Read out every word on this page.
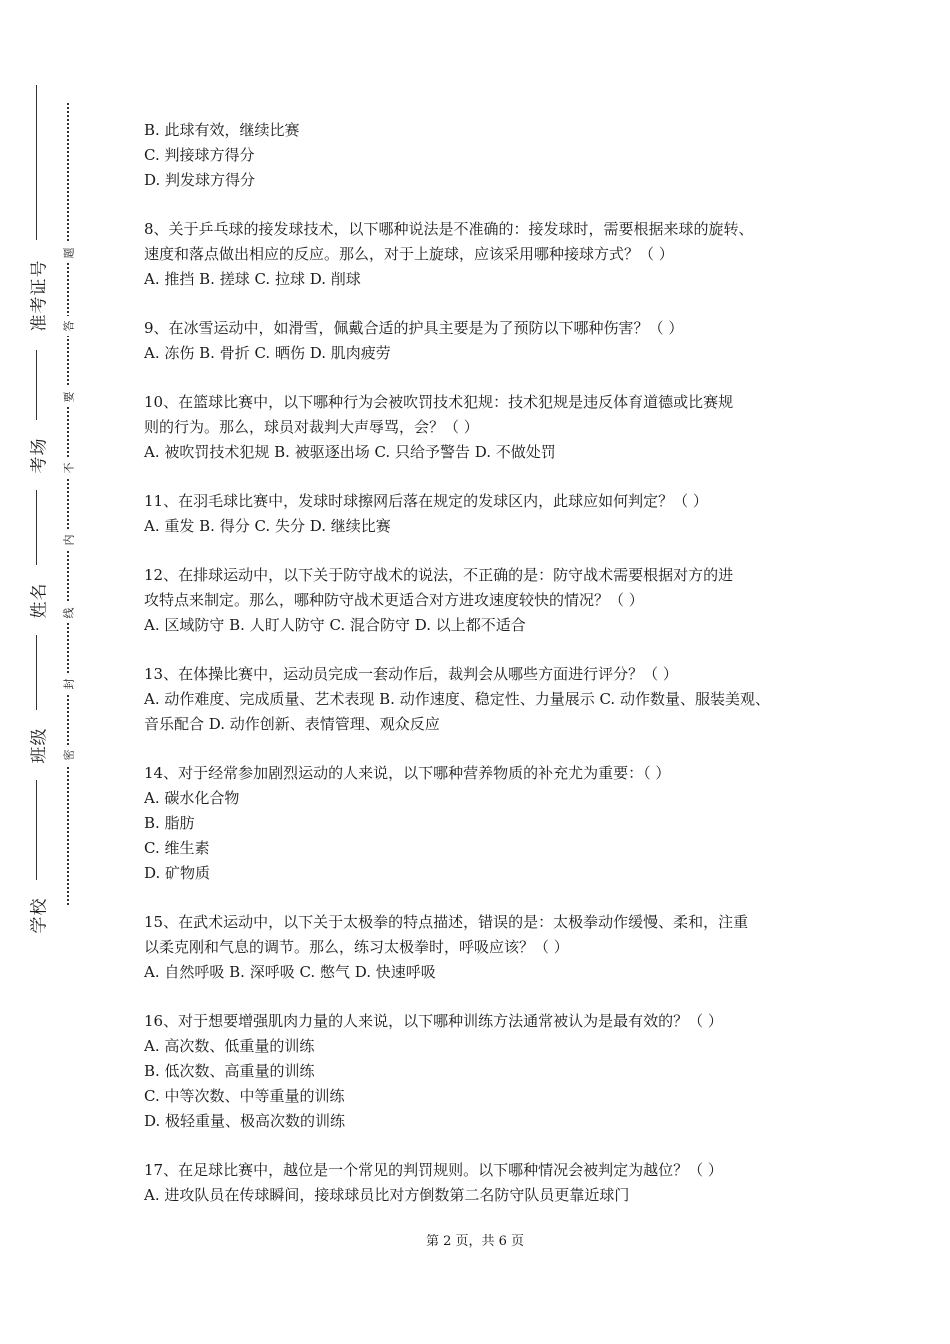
准考证号
考场
姓名
班级
学校
题
答
要
不
内
线
封
密

B. 此球有效，继续比赛

C. 判接球方得分

D. 判发球方得分

8、关于乒乓球的接发球技术，以下哪种说法是不准确的：接发球时，需要根据来球的旋转、

速度和落点做出相应的反应。那么，对于上旋球，应该采用哪种接球方式？（ ）

A. 推挡 B. 搓球 C. 拉球 D. 削球

9、在冰雪运动中，如滑雪，佩戴合适的护具主要是为了预防以下哪种伤害？（ ）

A. 冻伤 B. 骨折 C. 晒伤 D. 肌肉疲劳

10、在篮球比赛中，以下哪种行为会被吹罚技术犯规：技术犯规是违反体育道德或比赛规

则的行为。那么，球员对裁判大声辱骂，会？（ ）

A. 被吹罚技术犯规 B. 被驱逐出场 C. 只给予警告 D. 不做处罚

11、在羽毛球比赛中，发球时球擦网后落在规定的发球区内，此球应如何判定？（ ）

A. 重发 B. 得分 C. 失分 D. 继续比赛

12、在排球运动中，以下关于防守战术的说法，不正确的是：防守战术需要根据对方的进

攻特点来制定。那么，哪种防守战术更适合对方进攻速度较快的情况？（ ）

A. 区域防守 B. 人盯人防守 C. 混合防守 D. 以上都不适合

13、在体操比赛中，运动员完成一套动作后，裁判会从哪些方面进行评分？（ ）

A. 动作难度、完成质量、艺术表现 B. 动作速度、稳定性、力量展示 C. 动作数量、服装美观、

音乐配合 D. 动作创新、表情管理、观众反应

14、对于经常参加剧烈运动的人来说，以下哪种营养物质的补充尤为重要：（ ）

A. 碳水化合物

B. 脂肪

C. 维生素

D. 矿物质

15、在武术运动中，以下关于太极拳的特点描述，错误的是：太极拳动作缓慢、柔和，注重

以柔克刚和气息的调节。那么，练习太极拳时，呼吸应该？（ ）

A. 自然呼吸 B. 深呼吸 C. 憋气 D. 快速呼吸

16、对于想要增强肌肉力量的人来说，以下哪种训练方法通常被认为是最有效的？（ ）

A. 高次数、低重量的训练

B. 低次数、高重量的训练

C. 中等次数、中等重量的训练

D. 极轻重量、极高次数的训练

17、在足球比赛中，越位是一个常见的判罚规则。以下哪种情况会被判定为越位？（ ）

A. 进攻队员在传球瞬间，接球球员比对方倒数第二名防守队员更靠近球门

第 2 页，共 6 页
